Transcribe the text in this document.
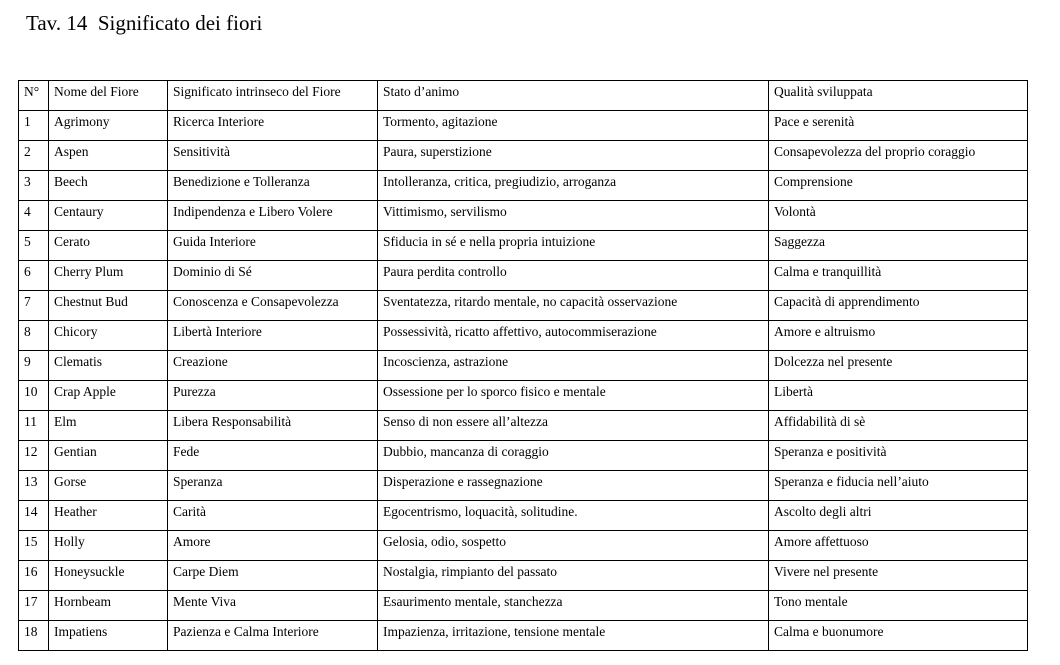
Tav. 14  Significato dei fiori
N°	Nome del Fiore	Significato intrinseco del Fiore	Stato d’animo	Qualità sviluppata
1	Agrimony	Ricerca Interiore	Tormento, agitazione	Pace e serenità
2	Aspen	Sensitività	Paura, superstizione	Consapevolezza del proprio coraggio
3	Beech	Benedizione e Tolleranza	Intolleranza, critica, pregiudizio, arroganza	Comprensione
4	Centaury	Indipendenza e Libero Volere	Vittimismo, servilismo	Volontà
5	Cerato	Guida Interiore	Sfiducia in sé e nella propria intuizione	Saggezza
6	Cherry Plum	Dominio di Sé	Paura perdita controllo	Calma e tranquillità
7	Chestnut Bud	Conoscenza e Consapevolezza	Sventatezza, ritardo mentale, no capacità osservazione	Capacità di apprendimento
8	Chicory	Libertà Interiore	Possessività, ricatto affettivo, autocommiserazione	Amore e altruismo
9	Clematis	Creazione	Incoscienza, astrazione	Dolcezza nel presente
10	Crap Apple	Purezza	Ossessione per lo sporco fisico e mentale	Libertà
11	Elm	Libera Responsabilità	Senso di non essere all’altezza	Affidabilità di sè
12	Gentian	Fede	Dubbio, mancanza di coraggio	Speranza e positività
13	Gorse	Speranza	Disperazione e rassegnazione	Speranza e fiducia nell’aiuto
14	Heather	Carità	Egocentrismo, loquacità, solitudine.	Ascolto degli altri
15	Holly	Amore	Gelosia, odio, sospetto	Amore affettuoso
16	Honeysuckle	Carpe Diem	Nostalgia, rimpianto del passato	Vivere nel presente
17	Hornbeam	Mente Viva	Esaurimento mentale, stanchezza	Tono mentale
18	Impatiens	Pazienza e Calma Interiore	Impazienza, irritazione, tensione mentale	Calma e buonumore
